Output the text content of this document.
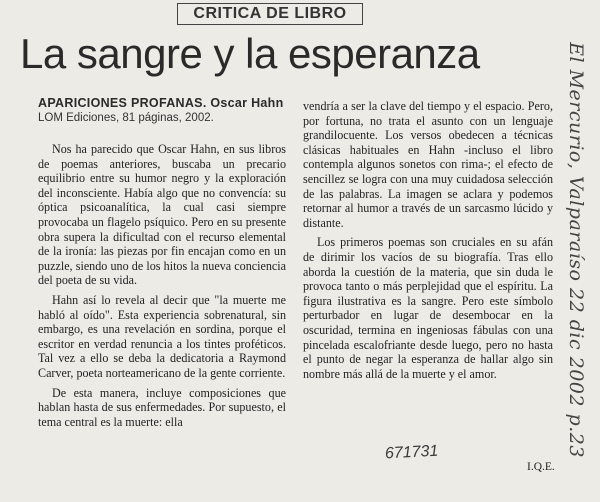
CRITICA DE LIBRO
La sangre y la esperanza
APARICIONES PROFANAS. Oscar Hahn
LOM Ediciones, 81 páginas, 2002.

Nos ha parecido que Oscar Hahn, en sus libros de poemas anteriores, buscaba un precario equilibrio entre su humor negro y la exploración del inconsciente. Había algo que no convencía: su óptica psicoanalítica, la cual casi siempre provocaba un flagelo psíquico. Pero en su presente obra supera la dificultad con el recurso elemental de la ironía: las piezas por fin encajan como en un puzzle, siendo uno de los hitos la nueva conciencia del poeta de su vida.

Hahn así lo revela al decir que "la muerte me habló al oído". Esta experiencia sobrenatural, sin embargo, es una revelación en sordina, porque el escritor en verdad renuncia a los tintes proféticos. Tal vez a ello se deba la dedicatoria a Raymond Carver, poeta norteamericano de la gente corriente.

De esta manera, incluye composiciones que hablan hasta de sus enfermedades. Por supuesto, el tema central es la muerte: ella

vendría a ser la clave del tiempo y el espacio. Pero, por fortuna, no trata el asunto con un lenguaje grandilocuente. Los versos obedecen a técnicas clásicas habituales en Hahn -incluso el libro contempla algunos sonetos con rima-; el efecto de sencillez se logra con una muy cuidadosa selección de las palabras. La imagen se aclara y podemos retornar al humor a través de un sarcasmo lúcido y distante.

Los primeros poemas son cruciales en su afán de dirimir los vacíos de su biografía. Tras ello aborda la cuestión de la materia, que sin duda le provoca tanto o más perplejidad que el espíritu. La figura ilustrativa es la sangre. Pero este símbolo perturbador en lugar de desembocar en la oscuridad, termina en ingeniosas fábulas con una pincelada escalofriante desde luego, pero no hasta el punto de negar la esperanza de hallar algo sin nombre más allá de la muerte y el amor.

I.Q.E.
671731	El Mercurio, Valparaíso 22 dic 2002 p.23
